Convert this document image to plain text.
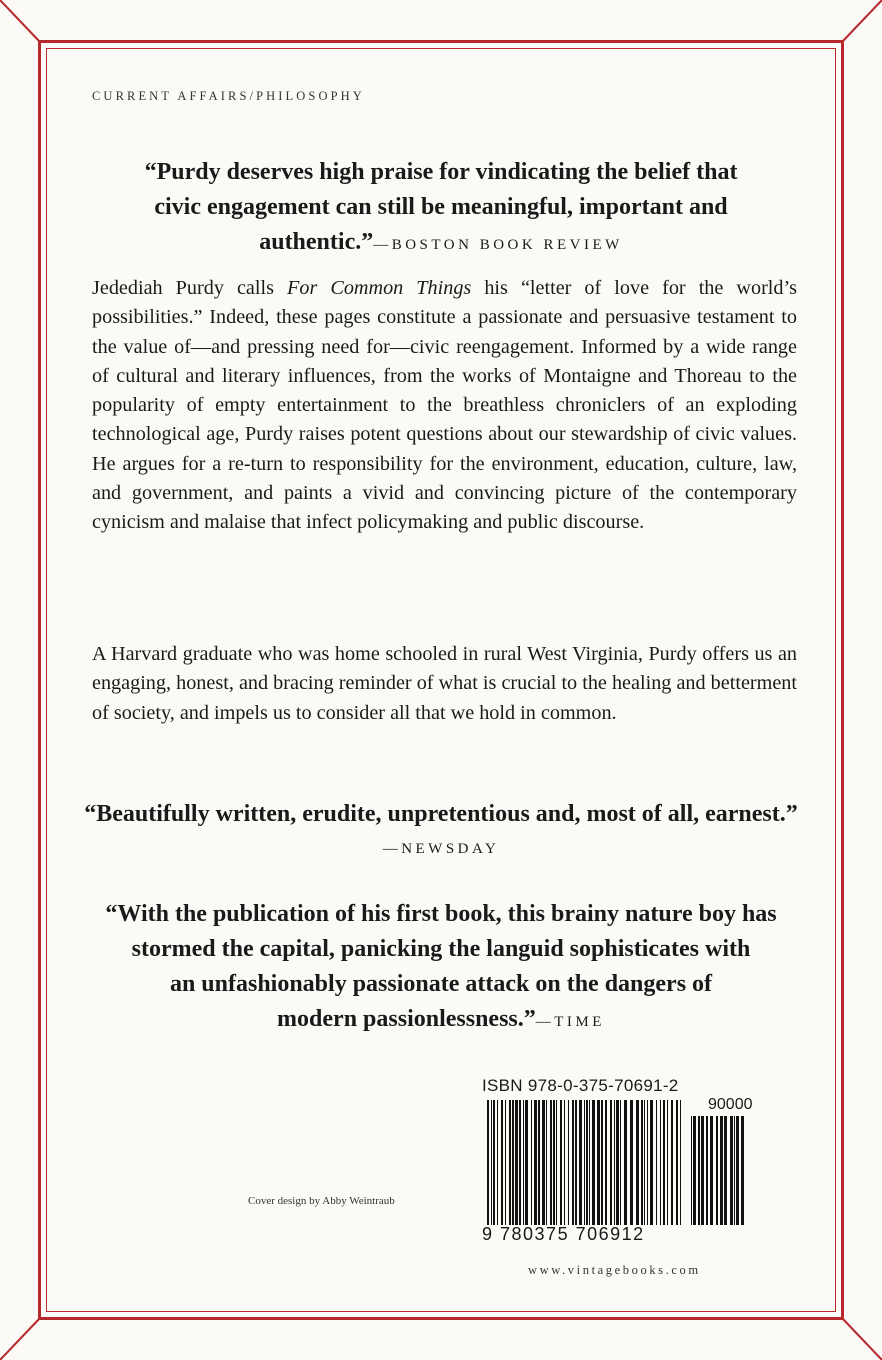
CURRENT AFFAIRS/PHILOSOPHY

“Purdy deserves high praise for vindicating the belief that

civic engagement can still be meaningful, important and

authentic.”—BOSTON BOOK REVIEW

Jedediah Purdy calls For Common Things his “letter of love for the world’s possibilities.” Indeed, these pages constitute a passionate and persuasive testament to the value of—and pressing need for—civic reengagement. Informed by a wide range of cultural and literary influences, from the works of Montaigne and Thoreau to the popularity of empty entertainment to the breathless chroniclers of an exploding technological age, Purdy raises potent questions about our stewardship of civic values. He argues for a re-turn to responsibility for the environment, education, culture, law, and government, and paints a vivid and convincing picture of the contemporary cynicism and malaise that infect policymaking and public discourse.

A Harvard graduate who was home schooled in rural West Virginia, Purdy offers us an engaging, honest, and bracing reminder of what is crucial to the healing and betterment of society, and impels us to consider all that we hold in common.

“Beautifully written, erudite, unpretentious and, most of all, earnest.”

—NEWSDAY

“With the publication of his first book, this brainy nature boy has

stormed the capital, panicking the languid sophisticates with

an unfashionably passionate attack on the dangers of

modern passionlessness.”—TIME

Cover design by Abby Weintraub
ISBN 978-0-375-70691-2
90000
9 780375 706912
www.vintagebooks.com
